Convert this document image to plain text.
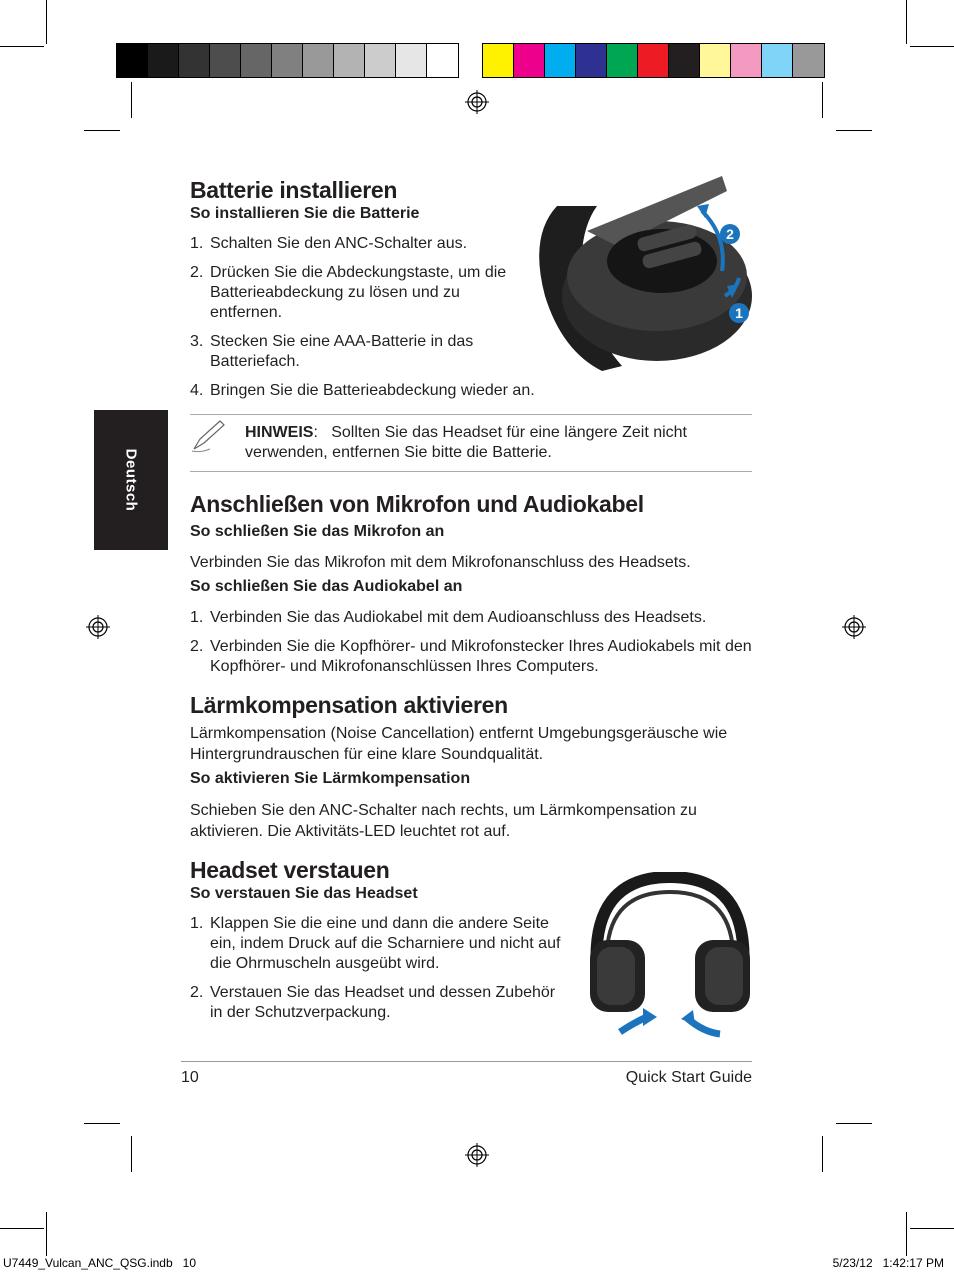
Deutsch
2
1
Batterie installieren
So installieren Sie die Batterie
1. Schalten Sie den ANC-Schalter aus.
2. Drücken Sie die Abdeckungstaste, um die Batterieabdeckung zu lösen und zu entfernen.
3. Stecken Sie eine AAA-Batterie in das Batteriefach.
4. Bringen Sie die Batterieabdeckung wieder an.
HINWEIS:   Sollten Sie das Headset für eine längere Zeit nicht verwenden, entfernen Sie bitte die Batterie.
Anschließen von Mikrofon und Audiokabel
So schließen Sie das Mikrofon an

Verbinden Sie das Mikrofon mit dem Mikrofonanschluss des Headsets.

So schließen Sie das Audiokabel an
1. Verbinden Sie das Audiokabel mit dem Audioanschluss des Headsets.
2. Verbinden Sie die Kopfhörer- und Mikrofonstecker Ihres Audiokabels mit den Kopfhörer- und Mikrofonanschlüssen Ihres Computers.
Lärmkompensation aktivieren

Lärmkompensation (Noise Cancellation) entfernt Umgebungsgeräusche wie Hintergrundrauschen für eine klare Soundqualität.

So aktivieren Sie Lärmkompensation

Schieben Sie den ANC-Schalter nach rechts, um Lärmkompensation zu aktivieren. Die Aktivitäts-LED leuchtet rot auf.

Headset verstauen
So verstauen Sie das Headset
1. Klappen Sie die eine und dann die andere Seite ein, indem Druck auf die Scharniere und nicht auf die Ohrmuscheln ausgeübt wird.
2. Verstauen Sie das Headset und dessen Zubehör in der Schutzverpackung.
10	Quick Start Guide
U7449_Vulcan_ANC_QSG.indb   10	5/23/12   1:42:17 PM
